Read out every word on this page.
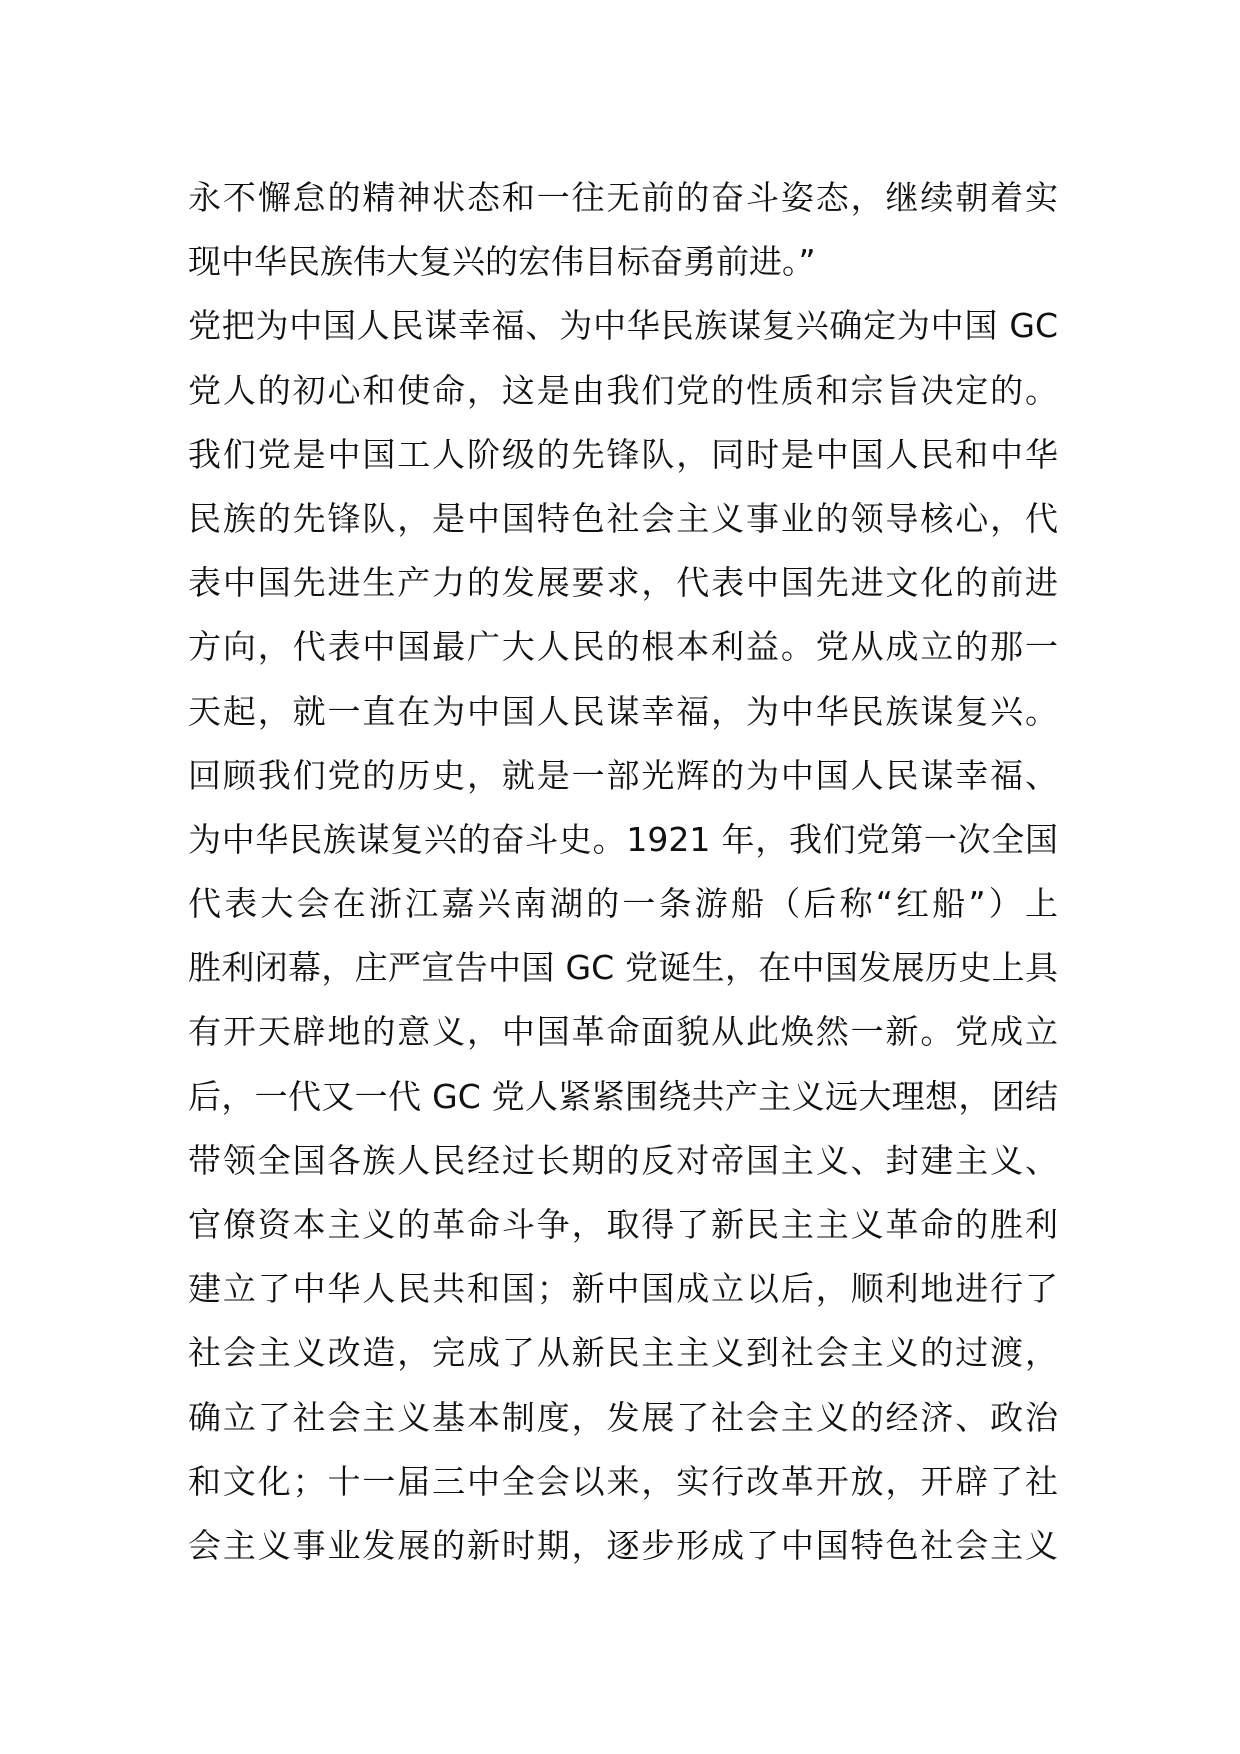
永不懈怠的精神状态和一往无前的奋斗姿态，继续朝着实
现中华民族伟大复兴的宏伟目标奋勇前进。”
党把为中国人民谋幸福、为中华民族谋复兴确定为中国 GC
党人的初心和使命，这是由我们党的性质和宗旨决定的。
我们党是中国工人阶级的先锋队，同时是中国人民和中华
民族的先锋队，是中国特色社会主义事业的领导核心，代
表中国先进生产力的发展要求，代表中国先进文化的前进
方向，代表中国最广大人民的根本利益。党从成立的那一
天起，就一直在为中国人民谋幸福，为中华民族谋复兴。
回顾我们党的历史，就是一部光辉的为中国人民谋幸福、
为中华民族谋复兴的奋斗史。1921 年，我们党第一次全国
代表大会在浙江嘉兴南湖的一条游船（后称“红船”）上
胜利闭幕，庄严宣告中国 GC 党诞生，在中国发展历史上具
有开天辟地的意义，中国革命面貌从此焕然一新。党成立
后，一代又一代 GC 党人紧紧围绕共产主义远大理想，团结
带领全国各族人民经过长期的反对帝国主义、封建主义、
官僚资本主义的革命斗争，取得了新民主主义革命的胜利
建立了中华人民共和国；新中国成立以后，顺利地进行了
社会主义改造，完成了从新民主主义到社会主义的过渡，
确立了社会主义基本制度，发展了社会主义的经济、政治
和文化；十一届三中全会以来，实行改革开放，开辟了社
会主义事业发展的新时期，逐步形成了中国特色社会主义
